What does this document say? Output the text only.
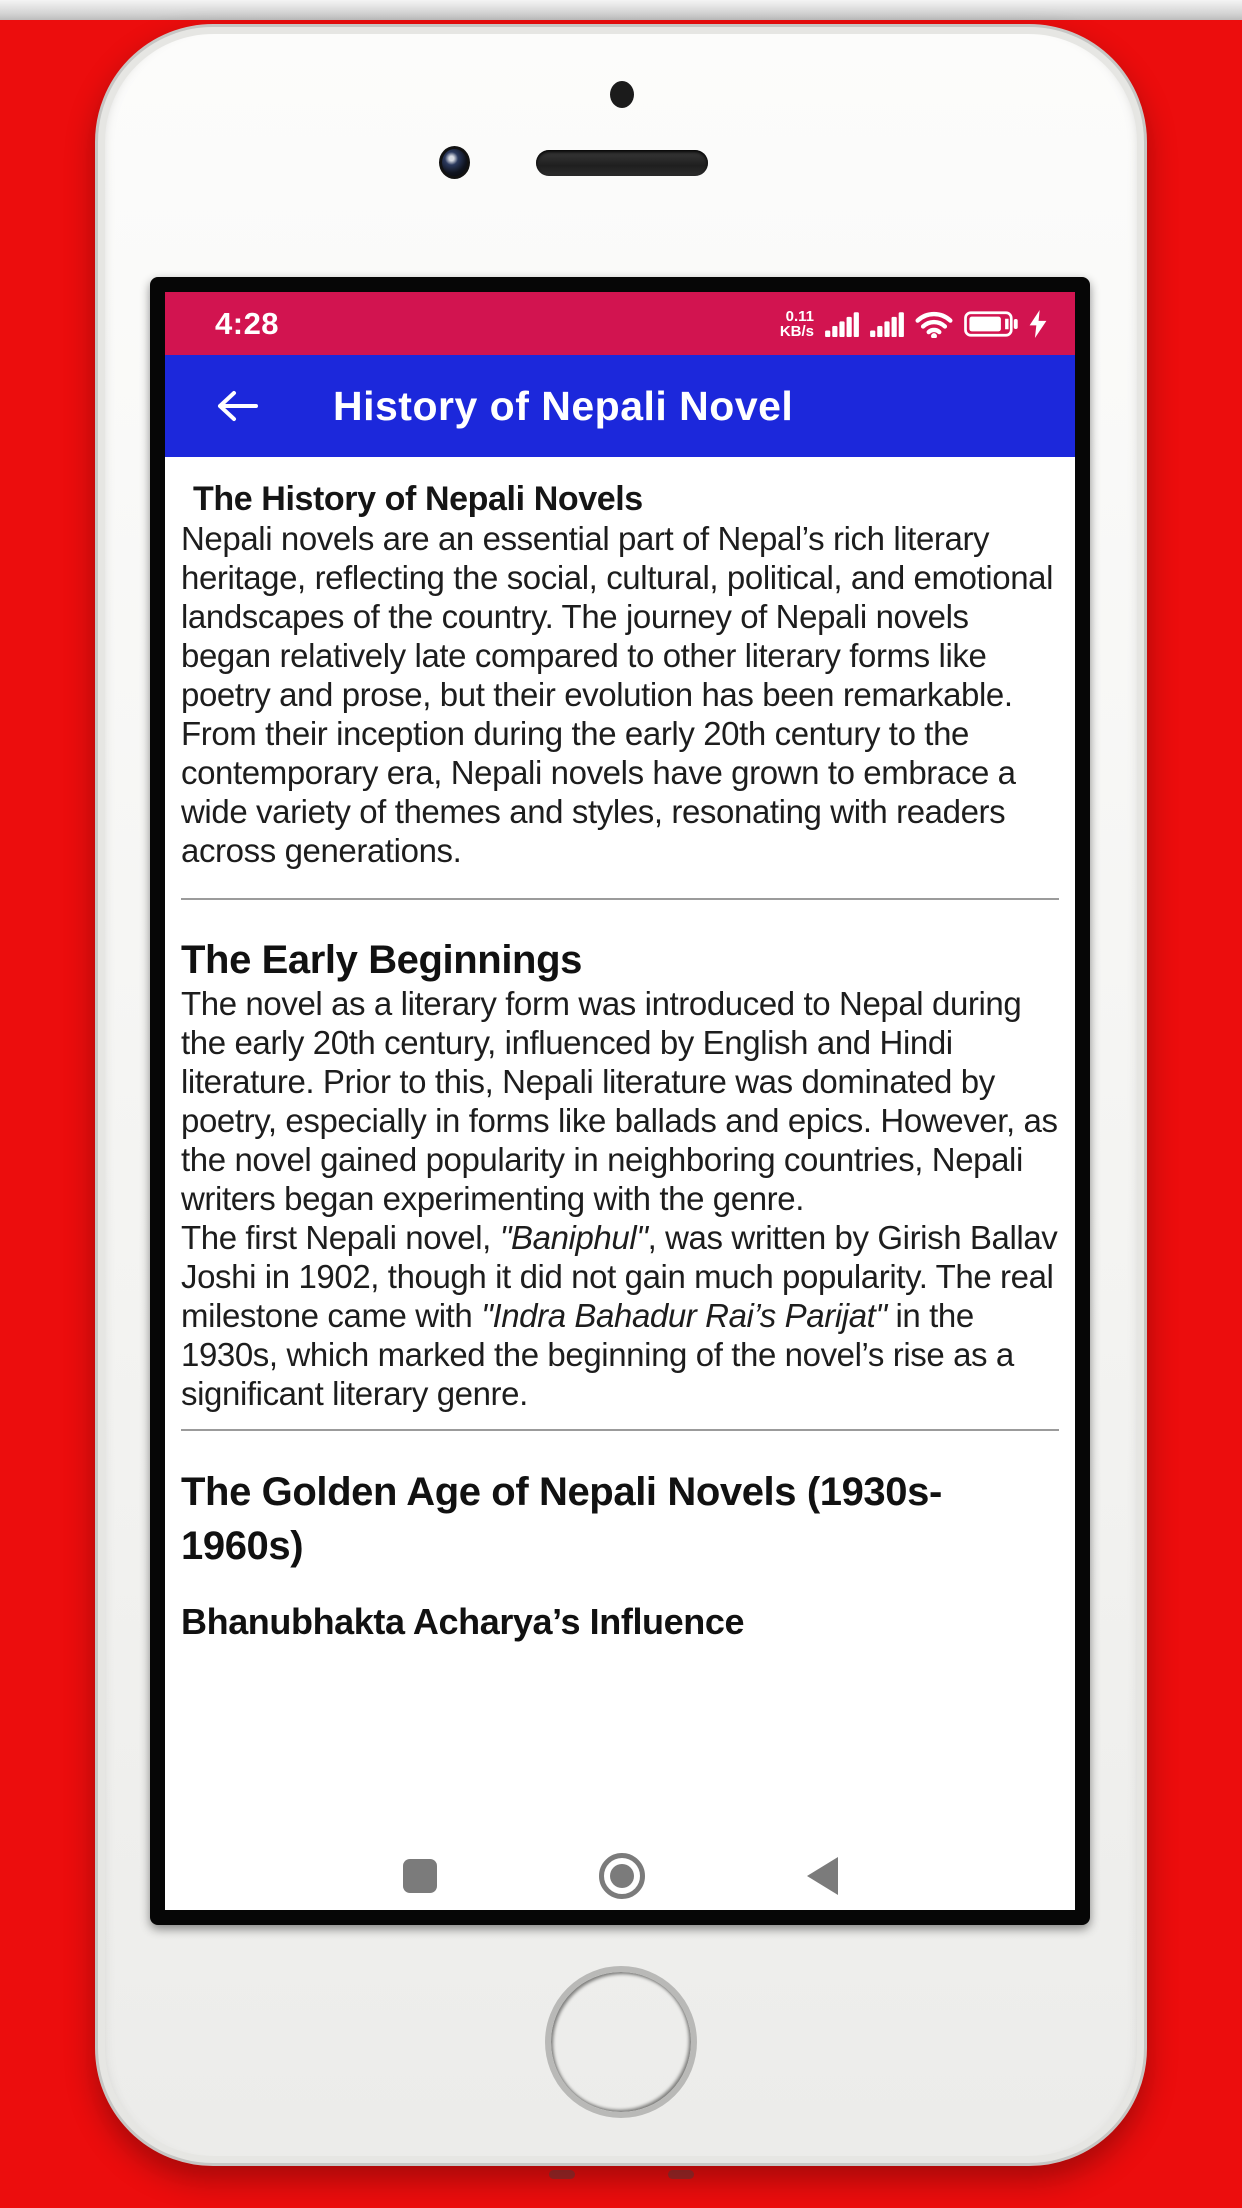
4:28	0.11
KB/s
History of Nepali Novel
The History of Nepali Novels

Nepali novels are an essential part of Nepal’s rich literary heritage, reflecting the social, cultural, political, and emotional landscapes of the country. The journey of Nepali novels began relatively late compared to other literary forms like poetry and prose, but their evolution has been remarkable. From their inception during the early 20th century to the contemporary era, Nepali novels have grown to embrace a wide variety of themes and styles, resonating with readers across generations.

The Early Beginnings

The novel as a literary form was introduced to Nepal during the early 20th century, influenced by English and Hindi literature. Prior to this, Nepali literature was dominated by poetry, especially in forms like ballads and epics. However, as the novel gained popularity in neighboring countries, Nepali writers began experimenting with the genre.

The first Nepali novel, "Baniphul", was written by Girish Ballav Joshi in 1902, though it did not gain much popularity. The real milestone came with "Indra Bahadur Rai’s Parijat" in the 1930s, which marked the beginning of the novel’s rise as a significant literary genre.

The Golden Age of Nepali Novels (1930s-1960s)
Bhanubhakta Acharya’s Influence
